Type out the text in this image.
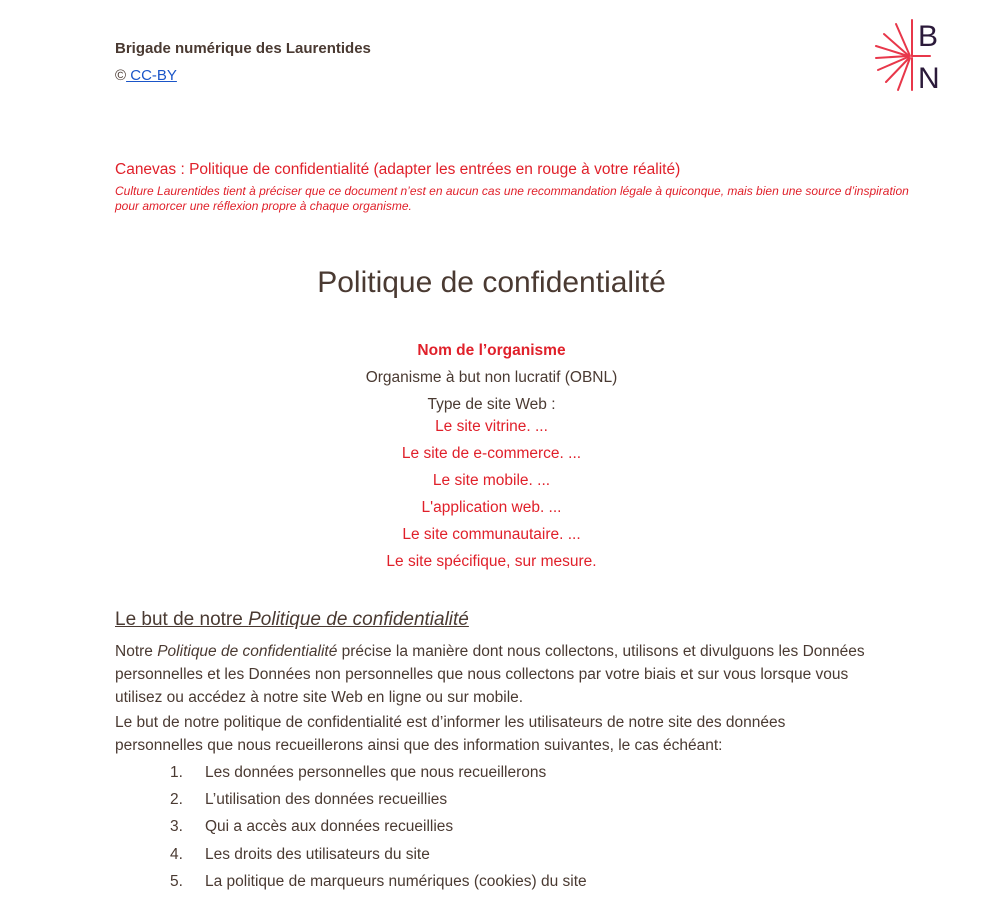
Brigade numérique des Laurentides
© CC-BY
B
N
Canevas : Politique de confidentialité (adapter les entrées en rouge à votre réalité)
Culture Laurentides tient à préciser que ce document n’est en aucun cas une recommandation légale à quiconque, mais bien une source d’inspiration pour amorcer une réflexion propre à chaque organisme.
Politique de confidentialité
Nom de l’organisme
Organisme à but non lucratif (OBNL)
Type de site Web :
Le site vitrine. ...
Le site de e-commerce. ...
Le site mobile. ...
L'application web. ...
Le site communautaire. ...
Le site spécifique, sur mesure.
Le but de notre Politique de confidentialité
Notre Politique de confidentialité précise la manière dont nous collectons, utilisons et divulguons les Données personnelles et les Données non personnelles que nous collectons par votre biais et sur vous lorsque vous utilisez ou accédez à notre site Web en ligne ou sur mobile.
Le but de notre politique de confidentialité est d’informer les utilisateurs de notre site des données personnelles que nous recueillerons ainsi que des information suivantes, le cas échéant:
1.	Les données personnelles que nous recueillerons
2.	L’utilisation des données recueillies
3.	Qui a accès aux données recueillies
4.	Les droits des utilisateurs du site
5.	La politique de marqueurs numériques (cookies) du site
